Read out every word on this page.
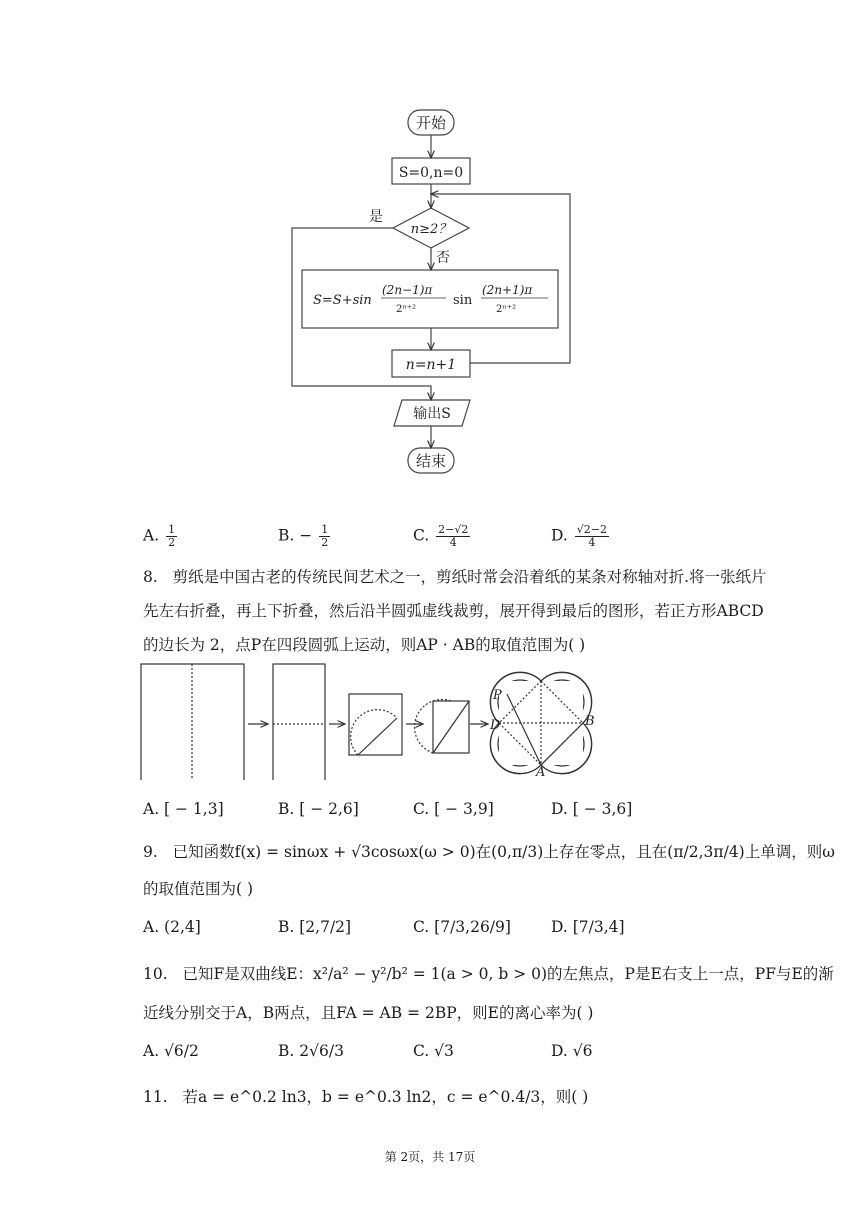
开始
S=0,n=0
n≥2？
是
否
S=S+sin
(2n−1)π
2ⁿ⁺²
sin
(2n+1)π
2ⁿ⁺²
n=n+1
输出S
结束
A. $\frac{1}{2}$	B. − $\frac{1}{2}$	C. $\frac{2-√2}{4}$	D. $\frac{√2-2}{4}$
8. 剪纸是中国古老的传统民间艺术之一，剪纸时常会沿着纸的某条对称轴对折.将一张纸片
先左右折叠，再上下折叠，然后沿半圆弧虚线裁剪，展开得到最后的图形，若正方形ABCD
的边长为 2，点P在四段圆弧上运动，则AP · AB的取值范围为( )
P
D	B
A
A. [ − 1,3]	B. [ − 2,6]	C. [ − 3,9]	D. [ − 3,6]
9. 已知函数f(x) = sinωx + √3cosωx(ω > 0)在(0,π/3)上存在零点，且在(π/2,3π/4)上单调，则ω
的取值范围为( )
A. (2,4]	B. [2,7/2]	C. [7/3,26/9]	D. [7/3,4]
10. 已知F是双曲线E：x²/a² − y²/b² = 1(a > 0, b > 0)的左焦点，P是E右支上一点，PF与E的渐
近线分别交于A，B两点，且FA = AB = 2BP，则E的离心率为( )
A. √6/2	B. 2√6/3	C. √3	D. √6
11. 若a = e^0.2 ln3，b = e^0.3 ln2，c = e^0.4/3，则( )
第 2页，共 17页
